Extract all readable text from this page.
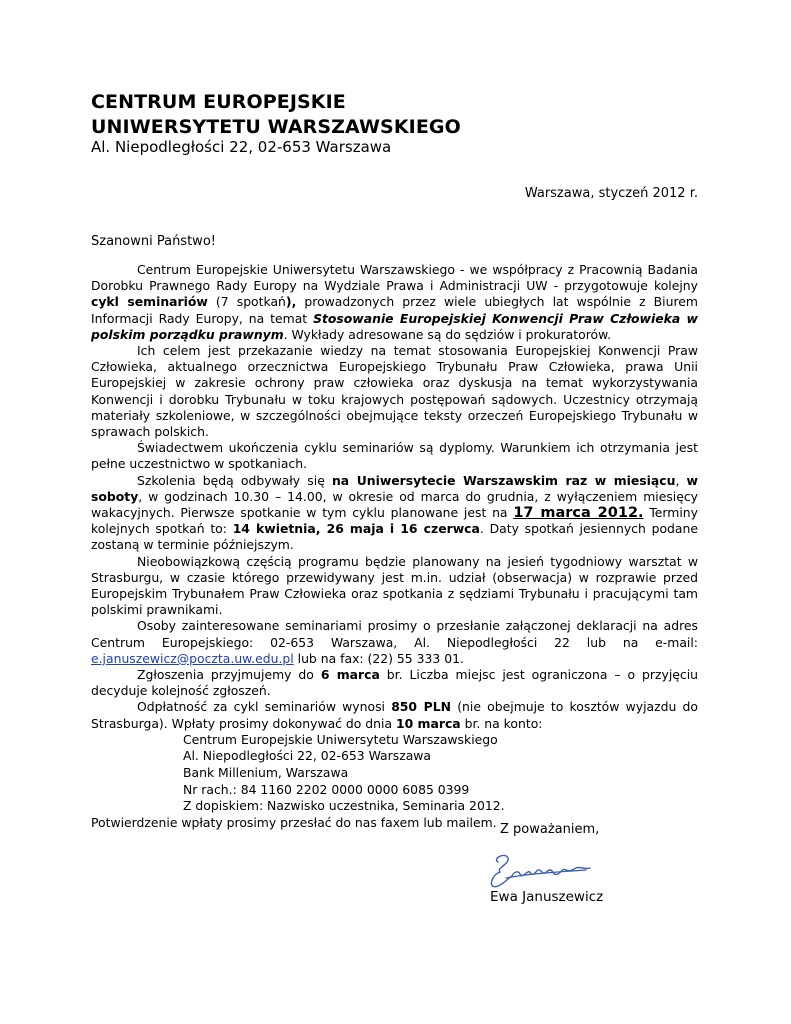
CENTRUM EUROPEJSKIE
UNIWERSYTETU WARSZAWSKIEGO
Al. Niepodległości 22, 02-653 Warszawa
Warszawa, styczeń 2012 r.
Szanowni Państwo!

Centrum Europejskie Uniwersytetu Warszawskiego - we współpracy z Pracownią Badania Dorobku Prawnego Rady Europy na Wydziale Prawa i Administracji UW - przygotowuje kolejny cykl seminariów (7 spotkań), prowadzonych przez wiele ubiegłych lat wspólnie z Biurem Informacji Rady Europy, na temat Stosowanie Europejskiej Konwencji Praw Człowieka w polskim porządku prawnym. Wykłady adresowane są do sędziów i prokuratorów.

Ich celem jest przekazanie wiedzy na temat stosowania Europejskiej Konwencji Praw Człowieka, aktualnego orzecznictwa Europejskiego Trybunału Praw Człowieka, prawa Unii Europejskiej w zakresie ochrony praw człowieka oraz dyskusja na temat wykorzystywania Konwencji i dorobku Trybunału w toku krajowych postępowań sądowych. Uczestnicy otrzymają materiały szkoleniowe, w szczególności obejmujące teksty orzeczeń Europejskiego Trybunału w sprawach polskich.

Świadectwem ukończenia cyklu seminariów są dyplomy. Warunkiem ich otrzymania jest pełne uczestnictwo w spotkaniach.

Szkolenia będą odbywały się na Uniwersytecie Warszawskim raz w miesiącu, w soboty, w godzinach 10.30 – 14.00, w okresie od marca do grudnia, z wyłączeniem miesięcy wakacyjnych. Pierwsze spotkanie w tym cyklu planowane jest na 17 marca 2012. Terminy kolejnych spotkań to: 14 kwietnia, 26 maja i 16 czerwca. Daty spotkań jesiennych podane zostaną w terminie późniejszym.

Nieobowiązkową częścią programu będzie planowany na jesień tygodniowy warsztat w Strasburgu, w czasie którego przewidywany jest m.in. udział (obserwacja) w rozprawie przed Europejskim Trybunałem Praw Człowieka oraz spotkania z sędziami Trybunału i pracującymi tam polskimi prawnikami.

Osoby zainteresowane seminariami prosimy o przesłanie załączonej deklaracji na adres Centrum Europejskiego: 02-653 Warszawa, Al. Niepodległości 22 lub na e-mail: e.januszewicz@poczta.uw.edu.pl lub na fax: (22) 55 333 01.

Zgłoszenia przyjmujemy do 6 marca br. Liczba miejsc jest ograniczona – o przyjęciu decyduje kolejność zgłoszeń.

Odpłatność za cykl seminariów wynosi 850 PLN (nie obejmuje to kosztów wyjazdu do Strasburga). Wpłaty prosimy dokonywać do dnia 10 marca br. na konto:

Centrum Europejskie Uniwersytetu Warszawskiego
Al. Niepodległości 22, 02-653 Warszawa
Bank Millenium, Warszawa
Nr rach.: 84 1160 2202 0000 0000 6085 0399
Z dopiskiem: Nazwisko uczestnika, Seminaria 2012.

Potwierdzenie wpłaty prosimy przesłać do nas faxem lub mailem. Z poważaniem,
Ewa Januszewicz
